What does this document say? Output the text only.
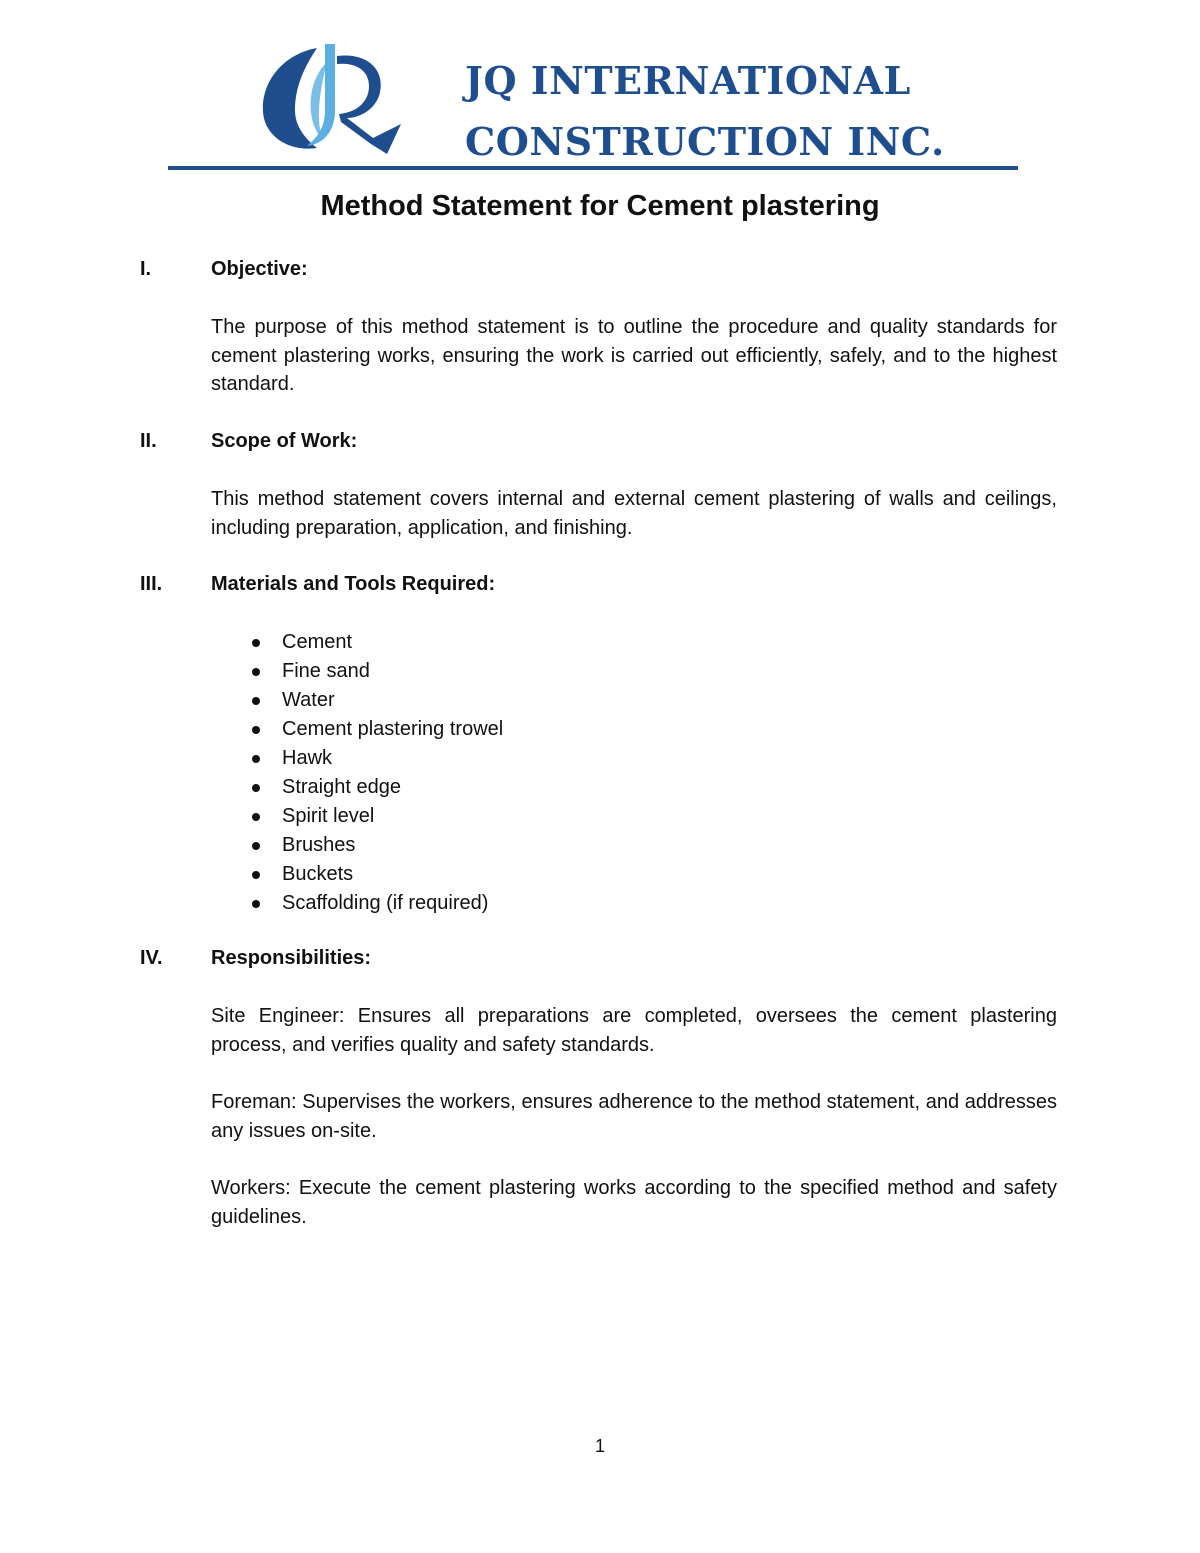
JQ INTERNATIONAL
CONSTRUCTION INC.
Method Statement for Cement plastering
I.	Objective:

The purpose of this method statement is to outline the procedure and quality standards for cement plastering works, ensuring the work is carried out efficiently, safely, and to the highest standard.

II.	Scope of Work:

This method statement covers internal and external cement plastering of walls and ceilings, including preparation, application, and finishing.

III.	Materials and Tools Required:
Cement
Fine sand
Water
Cement plastering trowel
Hawk
Straight edge
Spirit level
Brushes
Buckets
Scaffolding (if required)
IV.	Responsibilities:

Site Engineer: Ensures all preparations are completed, oversees the cement plastering process, and verifies quality and safety standards.

Foreman: Supervises the workers, ensures adherence to the method statement, and addresses any issues on-site.

Workers: Execute the cement plastering works according to the specified method and safety guidelines.

1
